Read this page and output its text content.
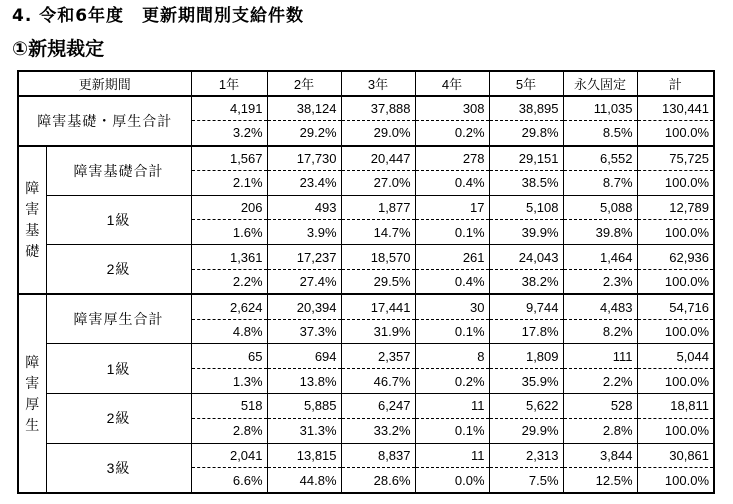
4. 令和6年度　更新期間別支給件数
①新規裁定
更新期間		1年	2年	3年	4年	5年	永久固定	計
障害基礎・厚生合計		4,191	38,124	37,888	308	38,895	11,035	130,441
		3.2%	29.2%	29.0%	0.2%	29.8%	8.5%	100.0%

障害基礎	障害基礎合計	1,567	17,730	20,447	278	29,151	6,552	75,725
		2.1%	23.4%	27.0%	0.4%	38.5%	8.7%	100.0%
	1級	206	493	1,877	17	5,108	5,088	12,789
		1.6%	3.9%	14.7%	0.1%	39.9%	39.8%	100.0%
	2級	1,361	17,237	18,570	261	24,043	1,464	62,936
		2.2%	27.4%	29.5%	0.4%	38.2%	2.3%	100.0%

障害厚生	障害厚生合計	2,624	20,394	17,441	30	9,744	4,483	54,716
		4.8%	37.3%	31.9%	0.1%	17.8%	8.2%	100.0%
	1級	65	694	2,357	8	1,809	111	5,044
		1.3%	13.8%	46.7%	0.2%	35.9%	2.2%	100.0%
	2級	518	5,885	6,247	11	5,622	528	18,811
		2.8%	31.3%	33.2%	0.1%	29.9%	2.8%	100.0%
	3級	2,041	13,815	8,837	11	2,313	3,844	30,861
		6.6%	44.8%	28.6%	0.0%	7.5%	12.5%	100.0%
